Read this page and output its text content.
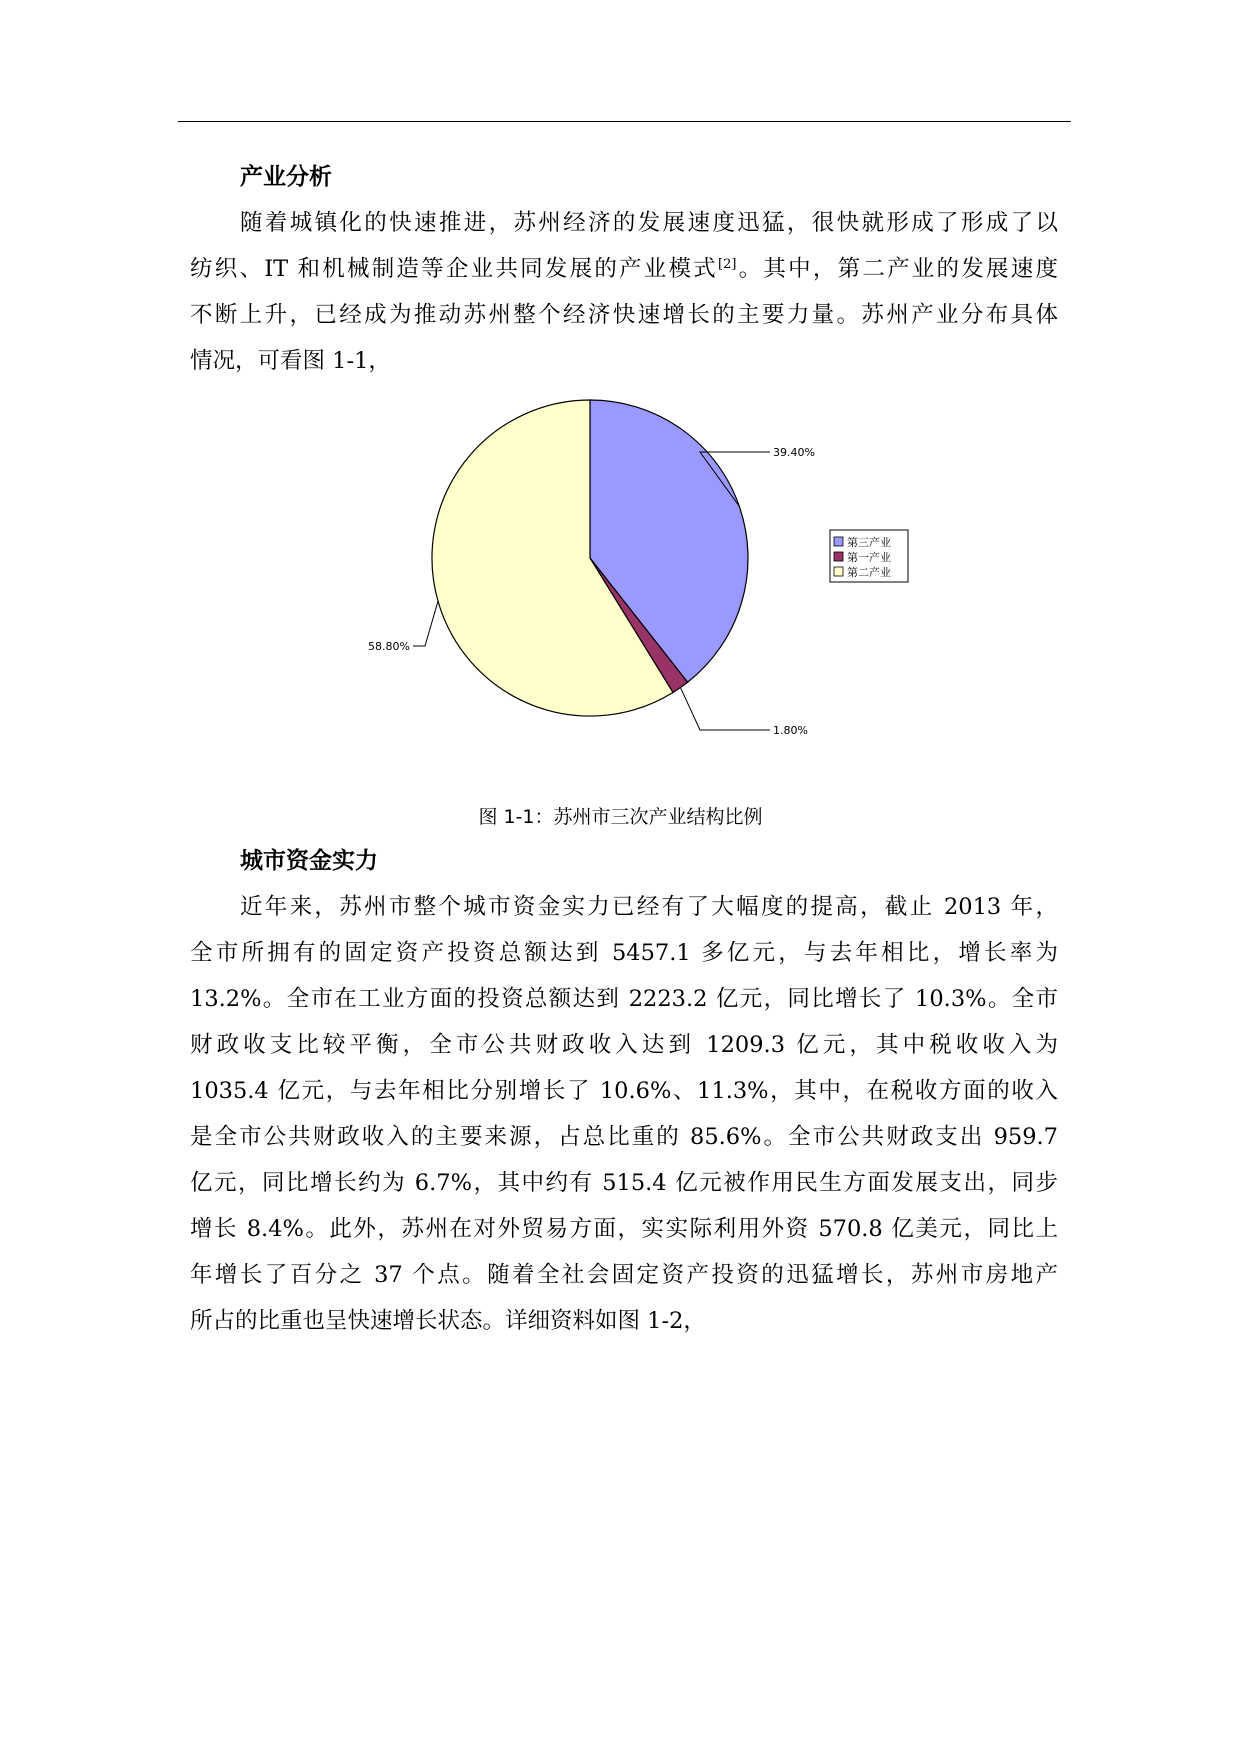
产业分析
随着城镇化的快速推进，苏州经济的发展速度迅猛，很快就形成了形成了以
纺织、IT 和机械制造等企业共同发展的产业模式[2]。其中，第二产业的发展速度
不断上升，已经成为推动苏州整个经济快速增长的主要力量。苏州产业分布具体
情况，可看图 1-1，
39.40%
1.80%
58.80%
第三产业
第一产业
第二产业
图 1-1：苏州市三次产业结构比例
城市资金实力
近年来，苏州市整个城市资金实力已经有了大幅度的提高，截止 2013 年，
全市所拥有的固定资产投资总额达到 5457.1 多亿元，与去年相比，增长率为
13.2%。全市在工业方面的投资总额达到 2223.2 亿元，同比增长了 10.3%。全市
财政收支比较平衡，全市公共财政收入达到 1209.3 亿元，其中税收收入为
1035.4 亿元，与去年相比分别增长了 10.6%、11.3%，其中，在税收方面的收入
是全市公共财政收入的主要来源，占总比重的 85.6%。全市公共财政支出 959.7
亿元，同比增长约为 6.7%，其中约有 515.4 亿元被作用民生方面发展支出，同步
增长 8.4%。此外，苏州在对外贸易方面，实实际利用外资 570.8 亿美元，同比上
年增长了百分之 37 个点。随着全社会固定资产投资的迅猛增长，苏州市房地产
所占的比重也呈快速增长状态。详细资料如图 1-2，
